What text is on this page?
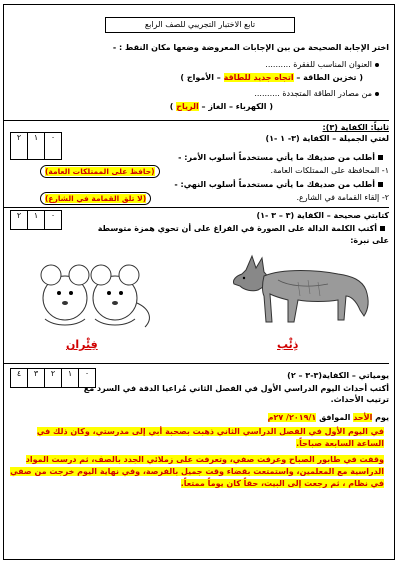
تابع الاختبار التجريبي للصف الرابع
اختر الإجابة الصحيحة من بين الإجابات المعروضة وضعها مكان النقط : -
العنوان المناسب للفقرة ..........
( تخزين الطاقة – اتجاه جديد للطاقة – الأمواج )
من مصادر الطاقة المتجددة ..........
( الكهرباء – الغاز – الرياح )
ثانياً: الكفاية (٣):
لغتي الجميلة – الكفاية (٣- ١ -١)
٢	١	٠
أطلب من صديقك ما يأتي مستخدماً أسلوب الأمر: -
١- المحافظة على الممتلكات العامة.
(حافظ على الممتلكات العامة)
أطلب من صديقك ما يأتي مستخدماً أسلوب النهي: -
٢- إلقاء القمامة في الشارع.
(لا تلق القمامة في الشارع)
كتابتي صحيحة – الكفاية (٣ – ٣ -١)
٢	١	٠
أكتب الكلمة الدالة على الصورة في الفراغ على أن تحوي همزة متوسطة
على نبرة:
ذِئْب
فِئْران
٤	٣	٢	١	٠	يومياتي – الكفاية(٣-٣ – ٢)
أكتب أحداث اليوم الدراسي الأول في الفصل الثاني مُراعيا الدقة في السرد مع
ترتيب الأحداث.
يوم الأحد الموافق ٢٠١٩/١/ ٢٧م
في اليوم الأول في الفصل الدراسي الثاني ذهبت بصحبة أبي إلى مدرستي، وكان ذلك في الساعة السابعة صباحاً.
وقفت في طابور الصباح وعرفت صفي، وتعرفت على زملائي الجدد بالصف، ثم درست المواد الدراسية مع المعلمين، واستمتعت بقضاء وقت جميل بالفرصة، وفي نهاية اليوم خرجت من صفي في نظام ، ثم رجعت إلى البيت، حقاً كان يوماً ممتعاً.
